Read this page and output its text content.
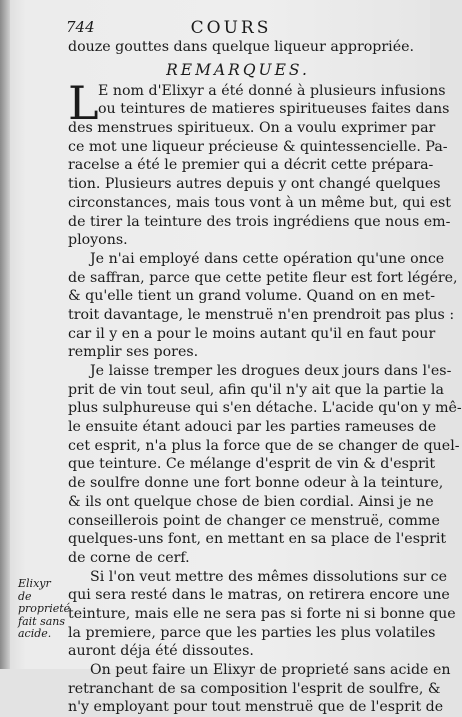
744	COURS
douze gouttes dans quelque liqueur appropriée.
REMARQUES.
L E nom d'Elixyr a été donné à plusieurs infusions
ou teintures de matieres spiritueuses faites dans
des menstrues spiritueux. On a voulu exprimer par
ce mot une liqueur précieuse & quintessencielle. Pa-
racelse a été le premier qui a décrit cette prépara-
tion. Plusieurs autres depuis y ont changé quelques
circonstances, mais tous vont à un même but, qui est
de tirer la teinture des trois ingrédiens que nous em-
ployons.
Je n'ai employé dans cette opération qu'une once
de saffran, parce que cette petite fleur est fort légére,
& qu'elle tient un grand volume. Quand on en met-
troit davantage, le menstruë n'en prendroit pas plus :
car il y en a pour le moins autant qu'il en faut pour
remplir ses pores.
Je laisse tremper les drogues deux jours dans l'es-
prit de vin tout seul, afin qu'il n'y ait que la partie la
plus sulphureuse qui s'en détache. L'acide qu'on y mê-
le ensuite étant adouci par les parties rameuses de
cet esprit, n'a plus la force que de se changer de quel-
que teinture. Ce mélange d'esprit de vin & d'esprit
de soulfre donne une fort bonne odeur à la teinture,
& ils ont quelque chose de bien cordial. Ainsi je ne
conseillerois point de changer ce menstruë, comme
quelques-uns font, en mettant en sa place de l'esprit
de corne de cerf.
Si l'on veut mettre des mêmes dissolutions sur ce
qui sera resté dans le matras, on retirera encore une
teinture, mais elle ne sera pas si forte ni si bonne que
la premiere, parce que les parties les plus volatiles
auront déja été dissoutes.
On peut faire un Elixyr de proprieté sans acide en
retranchant de sa composition l'esprit de soulfre, &
n'y employant pour tout menstruë que de l'esprit de
Elixyr de
proprieté
fait sans
acide.
